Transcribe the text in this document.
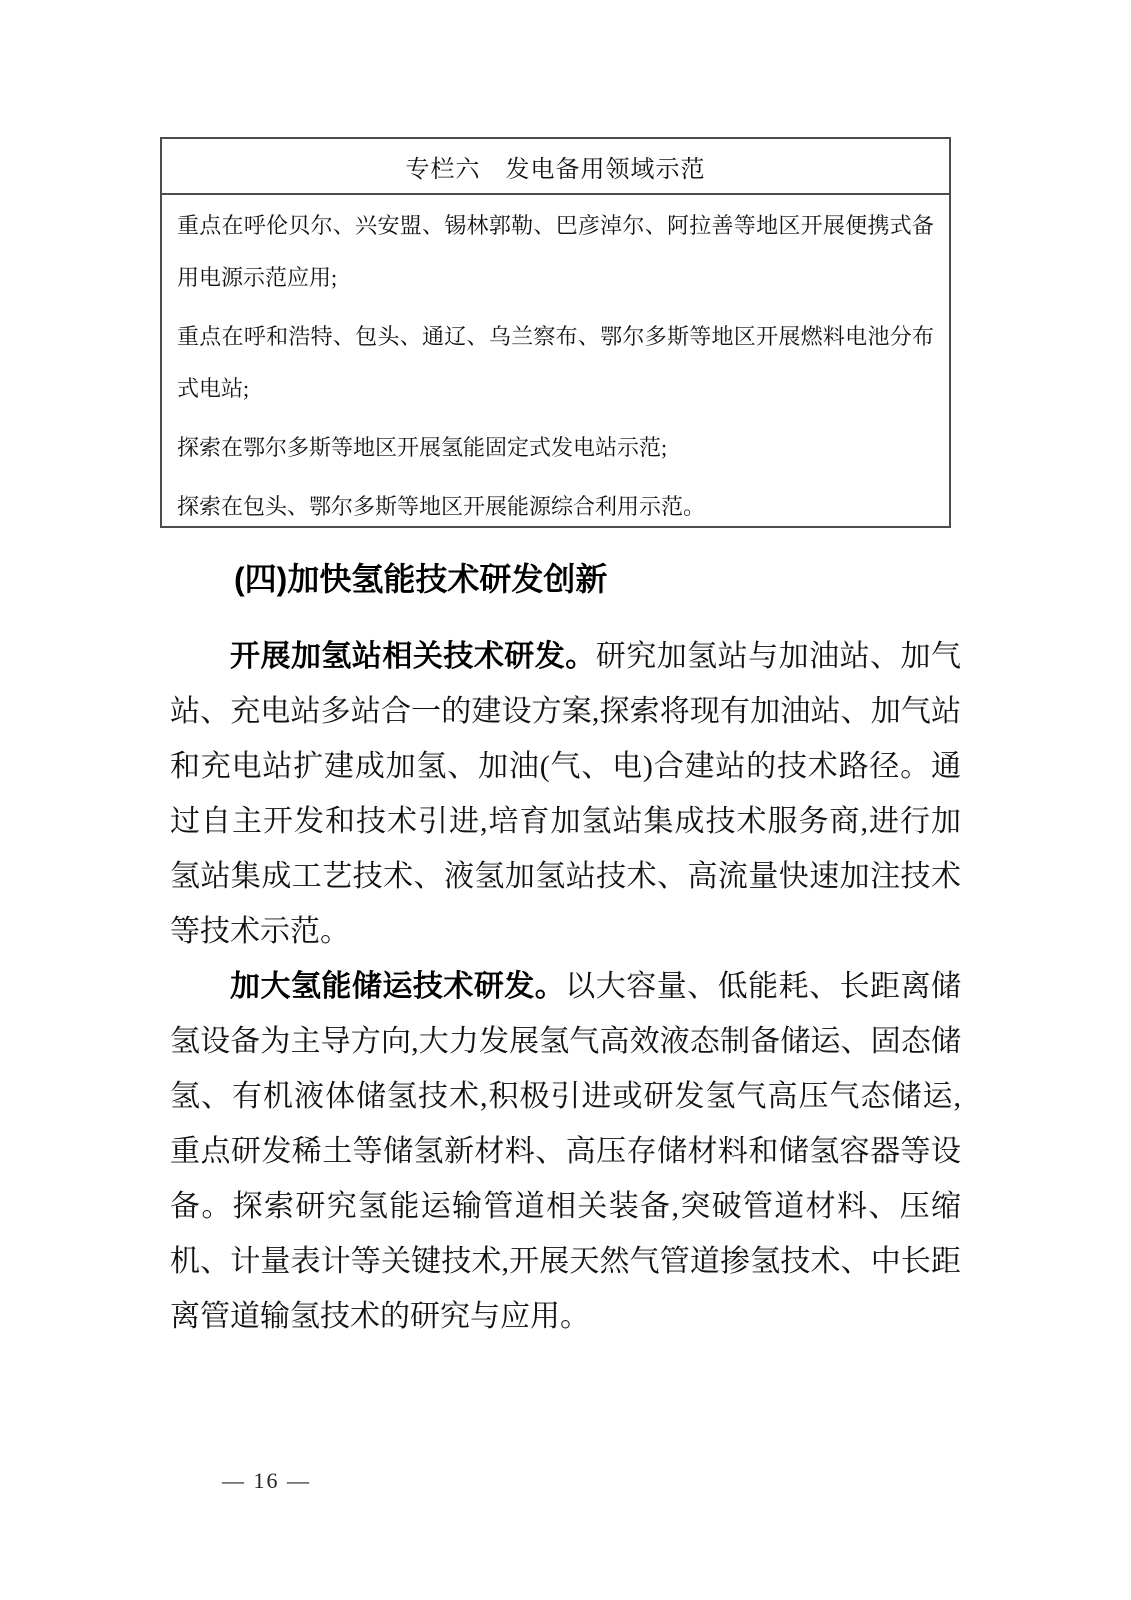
专栏六　发电备用领域示范

重点在呼伦贝尔、兴安盟、锡林郭勒、巴彦淖尔、阿拉善等地区开展便携式备用电源示范应用;

重点在呼和浩特、包头、通辽、乌兰察布、鄂尔多斯等地区开展燃料电池分布式电站;

探索在鄂尔多斯等地区开展氢能固定式发电站示范;

探索在包头、鄂尔多斯等地区开展能源综合利用示范。

(四)加快氢能技术研发创新

开展加氢站相关技术研发。研究加氢站与加油站、加气站、充电站多站合一的建设方案,探索将现有加油站、加气站和充电站扩建成加氢、加油(气、电)合建站的技术路径。通过自主开发和技术引进,培育加氢站集成技术服务商,进行加氢站集成工艺技术、液氢加氢站技术、高流量快速加注技术等技术示范。

加大氢能储运技术研发。以大容量、低能耗、长距离储氢设备为主导方向,大力发展氢气高效液态制备储运、固态储氢、有机液体储氢技术,积极引进或研发氢气高压气态储运,重点研发稀土等储氢新材料、高压存储材料和储氢容器等设备。探索研究氢能运输管道相关装备,突破管道材料、压缩机、计量表计等关键技术,开展天然气管道掺氢技术、中长距离管道输氢技术的研究与应用。

— 16 —
